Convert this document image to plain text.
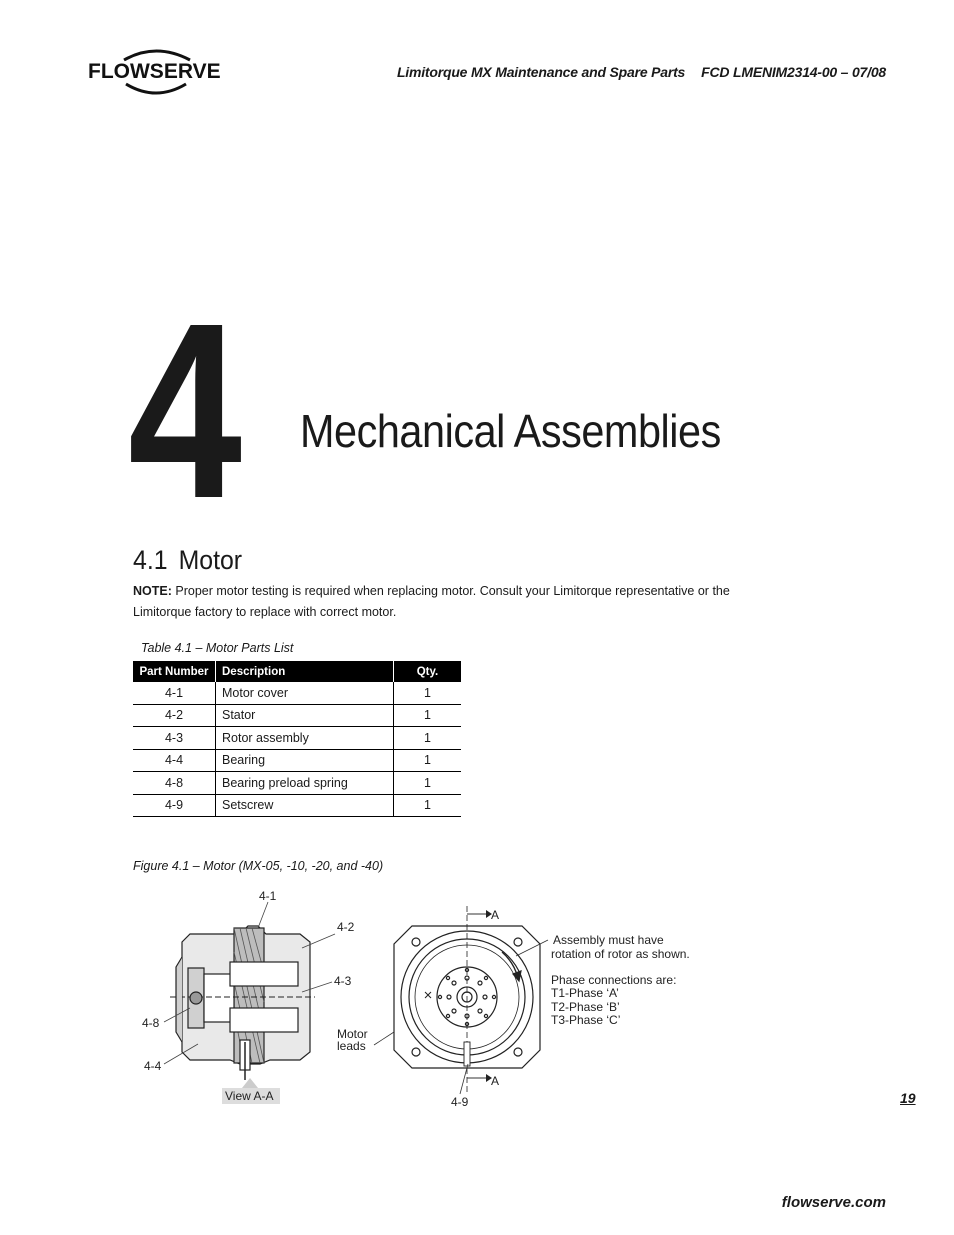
FLOWSERVE	Limitorque MX Maintenance and Spare Parts FCD LMENIM2314-00 – 07/08
4 Mechanical Assemblies
4.1 Motor
NOTE: Proper motor testing is required when replacing motor. Consult your Limitorque representative or the Limitorque factory to replace with correct motor.
Table 4.1 – Motor Parts List
Part Number	Description	Qty.
4-1	Motor cover	1
4-2	Stator	1
4-3	Rotor assembly	1
4-4	Bearing	1
4-8	Bearing preload spring	1
4-9	Setscrew	1
Figure 4.1 – Motor (MX-05, -10, -20, and -40)
4-1
4-2
4-3
4-8
4-4
View A-A
A
A
Motor
leads
4-9
Assembly must have
rotation of rotor as shown.
Phase connections are:
T1-Phase ‘A’
T2-Phase ‘B’
T3-Phase ‘C’
19
flowserve.com
